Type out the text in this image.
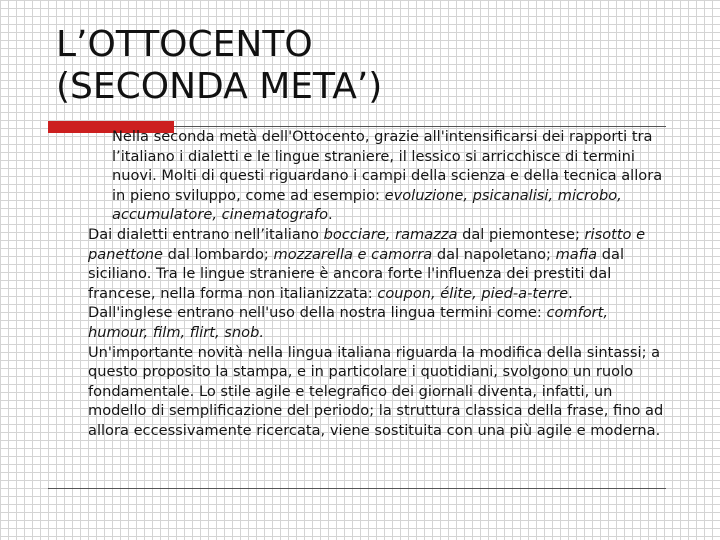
L’OTTOCENTO
(SECONDA META’)

Nella seconda metà dell'Ottocento, grazie all'intensificarsi dei rapporti tra l’italiano i dialetti e le lingue straniere, il lessico si arricchisce di termini nuovi. Molti di questi riguardano i campi della scienza e della tecnica allora in pieno sviluppo, come ad esempio: evoluzione, psicanalisi, microbo, accumulatore, cinematografo.

Dai dialetti entrano nell’italiano bocciare, ramazza dal piemontese; risotto e panettone dal lombardo; mozzarella e camorra dal napoletano; mafia dal siciliano. Tra le lingue straniere è ancora forte l'influenza dei prestiti dal francese, nella forma non italianizzata: coupon, élite, pied-a-terre.

Dall'inglese entrano nell'uso della nostra lingua termini come: comfort, humour, film, flirt, snob.

Un'importante novità nella lingua italiana riguarda la modifica della sintassi; a questo proposito la stampa, e in particolare i quotidiani, svolgono un ruolo fondamentale. Lo stile agile e telegrafico dei giornali diventa, infatti, un modello di semplificazione del periodo; la struttura classica della frase, fino ad allora eccessivamente ricercata, viene sostituita con una più agile e moderna.
